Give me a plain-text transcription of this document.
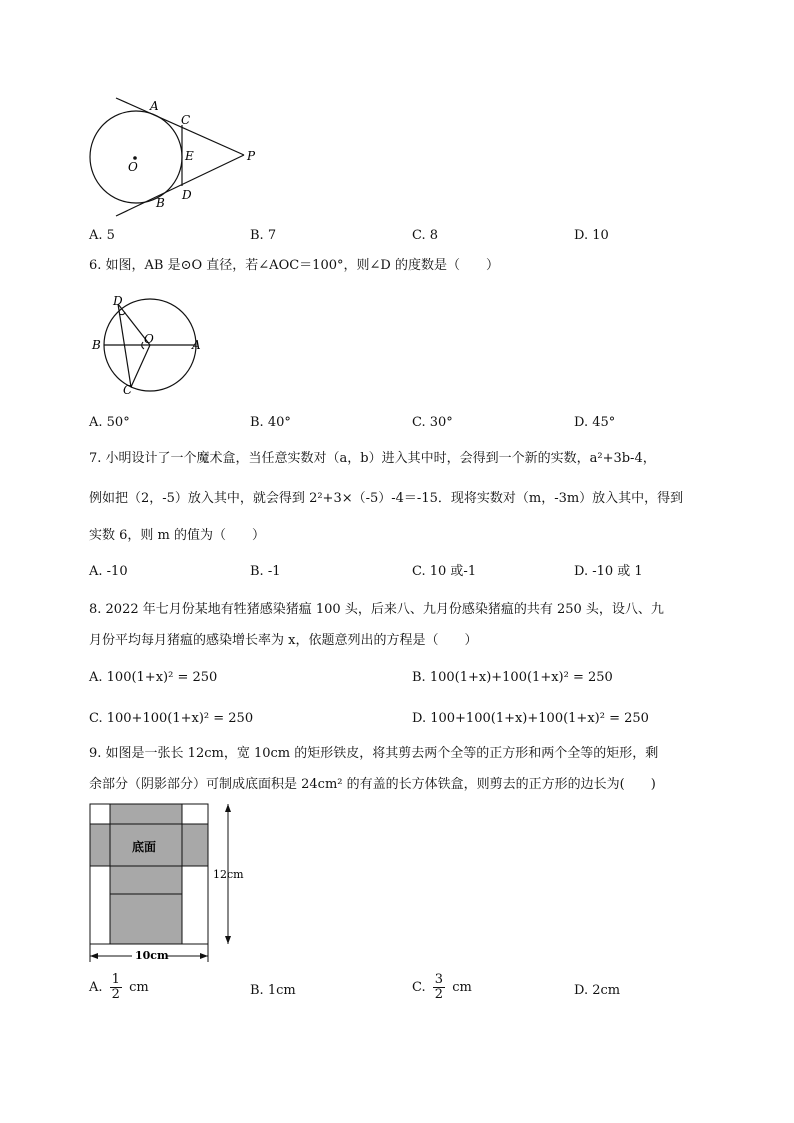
A
C
E	P
O
D
B
A. 5	B. 7	C. 8	D. 10
6. 如图，AB 是⊙O 直径，若∠AOC＝100°，则∠D 的度数是（　　）
D
B	O	A
C
A. 50°	B. 40°	C. 30°	D. 45°
7. 小明设计了一个魔术盒，当任意实数对（a，b）进入其中时，会得到一个新的实数，a²+3b-4，
例如把（2，-5）放入其中，就会得到 2²+3×（-5）-4＝-15．现将实数对（m，-3m）放入其中，得到
实数 6，则 m 的值为（　　）
A. -10	B. -1	C. 10 或-1	D. -10 或 1
8. 2022 年七月份某地有牲猪感染猪瘟 100 头，后来八、九月份感染猪瘟的共有 250 头，设八、九
月份平均每月猪瘟的感染增长率为 x，依题意列出的方程是（　　）
A. 100(1+x)² = 250	B. 100(1+x)+100(1+x)² = 250
C. 100+100(1+x)² = 250	D. 100+100(1+x)+100(1+x)² = 250
9. 如图是一张长 12cm，宽 10cm 的矩形铁皮，将其剪去两个全等的正方形和两个全等的矩形，剩
余部分（阴影部分）可制成底面积是 24cm² 的有盖的长方体铁盒，则剪去的正方形的边长为(　　)
底面
12cm
10cm
A. $\frac{1}{2}$ cm	B. 1cm	C. $\frac{3}{2}$ cm	D. 2cm
